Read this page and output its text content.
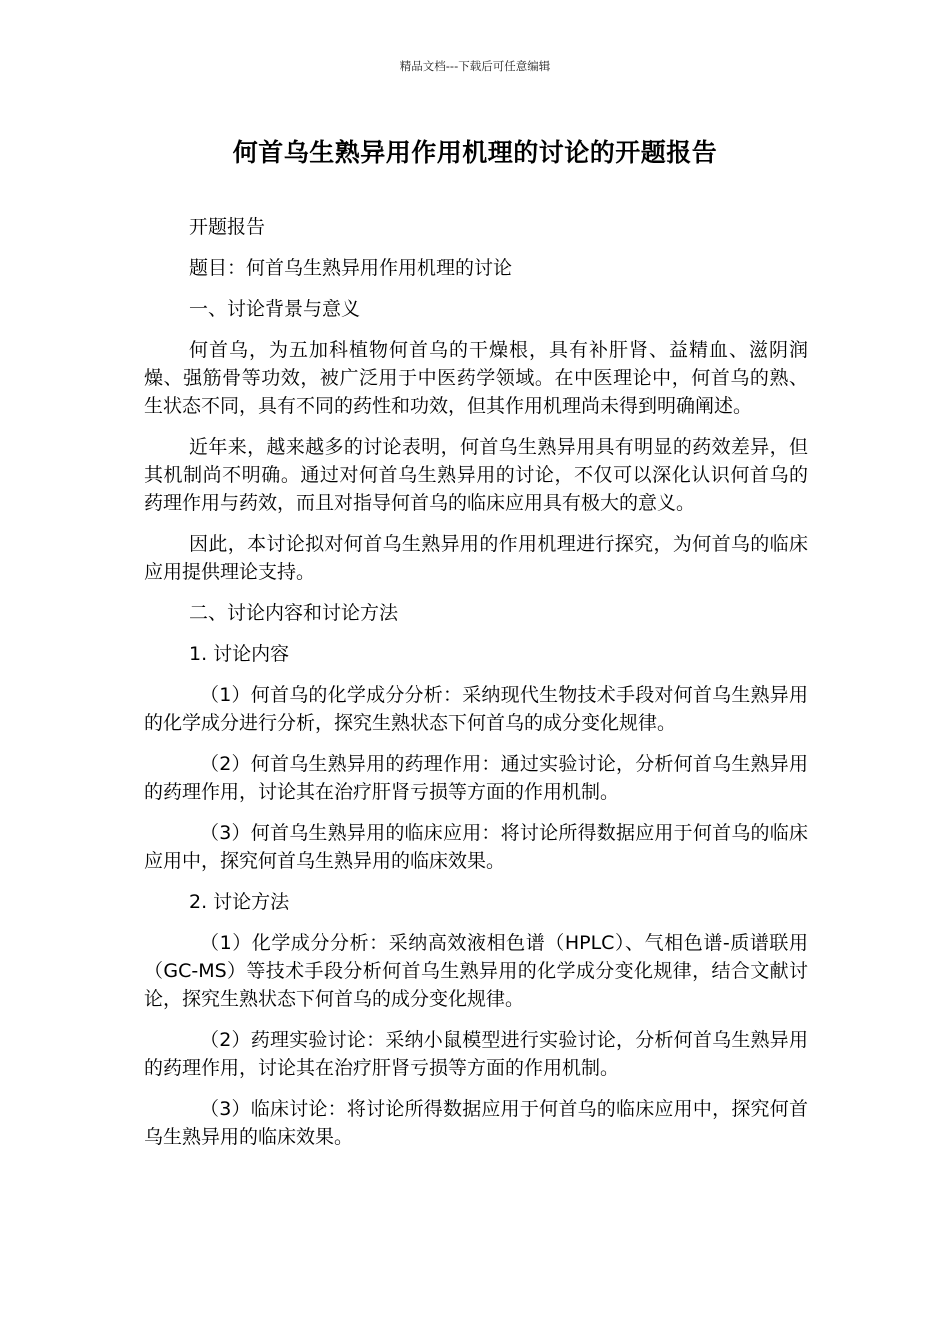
精品文档---下载后可任意编辑
何首乌生熟异用作用机理的讨论的开题报告

开题报告

题目：何首乌生熟异用作用机理的讨论

一、讨论背景与意义

何首乌，为五加科植物何首乌的干燥根，具有补肝肾、益精血、滋阴润燥、强筋骨等功效，被广泛用于中医药学领域。在中医理论中，何首乌的熟、生状态不同，具有不同的药性和功效，但其作用机理尚未得到明确阐述。

近年来，越来越多的讨论表明，何首乌生熟异用具有明显的药效差异，但其机制尚不明确。通过对何首乌生熟异用的讨论，不仅可以深化认识何首乌的药理作用与药效，而且对指导何首乌的临床应用具有极大的意义。

因此，本讨论拟对何首乌生熟异用的作用机理进行探究，为何首乌的临床应用提供理论支持。

二、讨论内容和讨论方法

1. 讨论内容

（1）何首乌的化学成分分析：采纳现代生物技术手段对何首乌生熟异用的化学成分进行分析，探究生熟状态下何首乌的成分变化规律。

（2）何首乌生熟异用的药理作用：通过实验讨论，分析何首乌生熟异用的药理作用，讨论其在治疗肝肾亏损等方面的作用机制。

（3）何首乌生熟异用的临床应用：将讨论所得数据应用于何首乌的临床应用中，探究何首乌生熟异用的临床效果。

2. 讨论方法

（1）化学成分分析：采纳高效液相色谱（HPLC）、气相色谱-质谱联用（GC-MS）等技术手段分析何首乌生熟异用的化学成分变化规律，结合文献讨论，探究生熟状态下何首乌的成分变化规律。

（2）药理实验讨论：采纳小鼠模型进行实验讨论，分析何首乌生熟异用的药理作用，讨论其在治疗肝肾亏损等方面的作用机制。

（3）临床讨论：将讨论所得数据应用于何首乌的临床应用中，探究何首乌生熟异用的临床效果。
